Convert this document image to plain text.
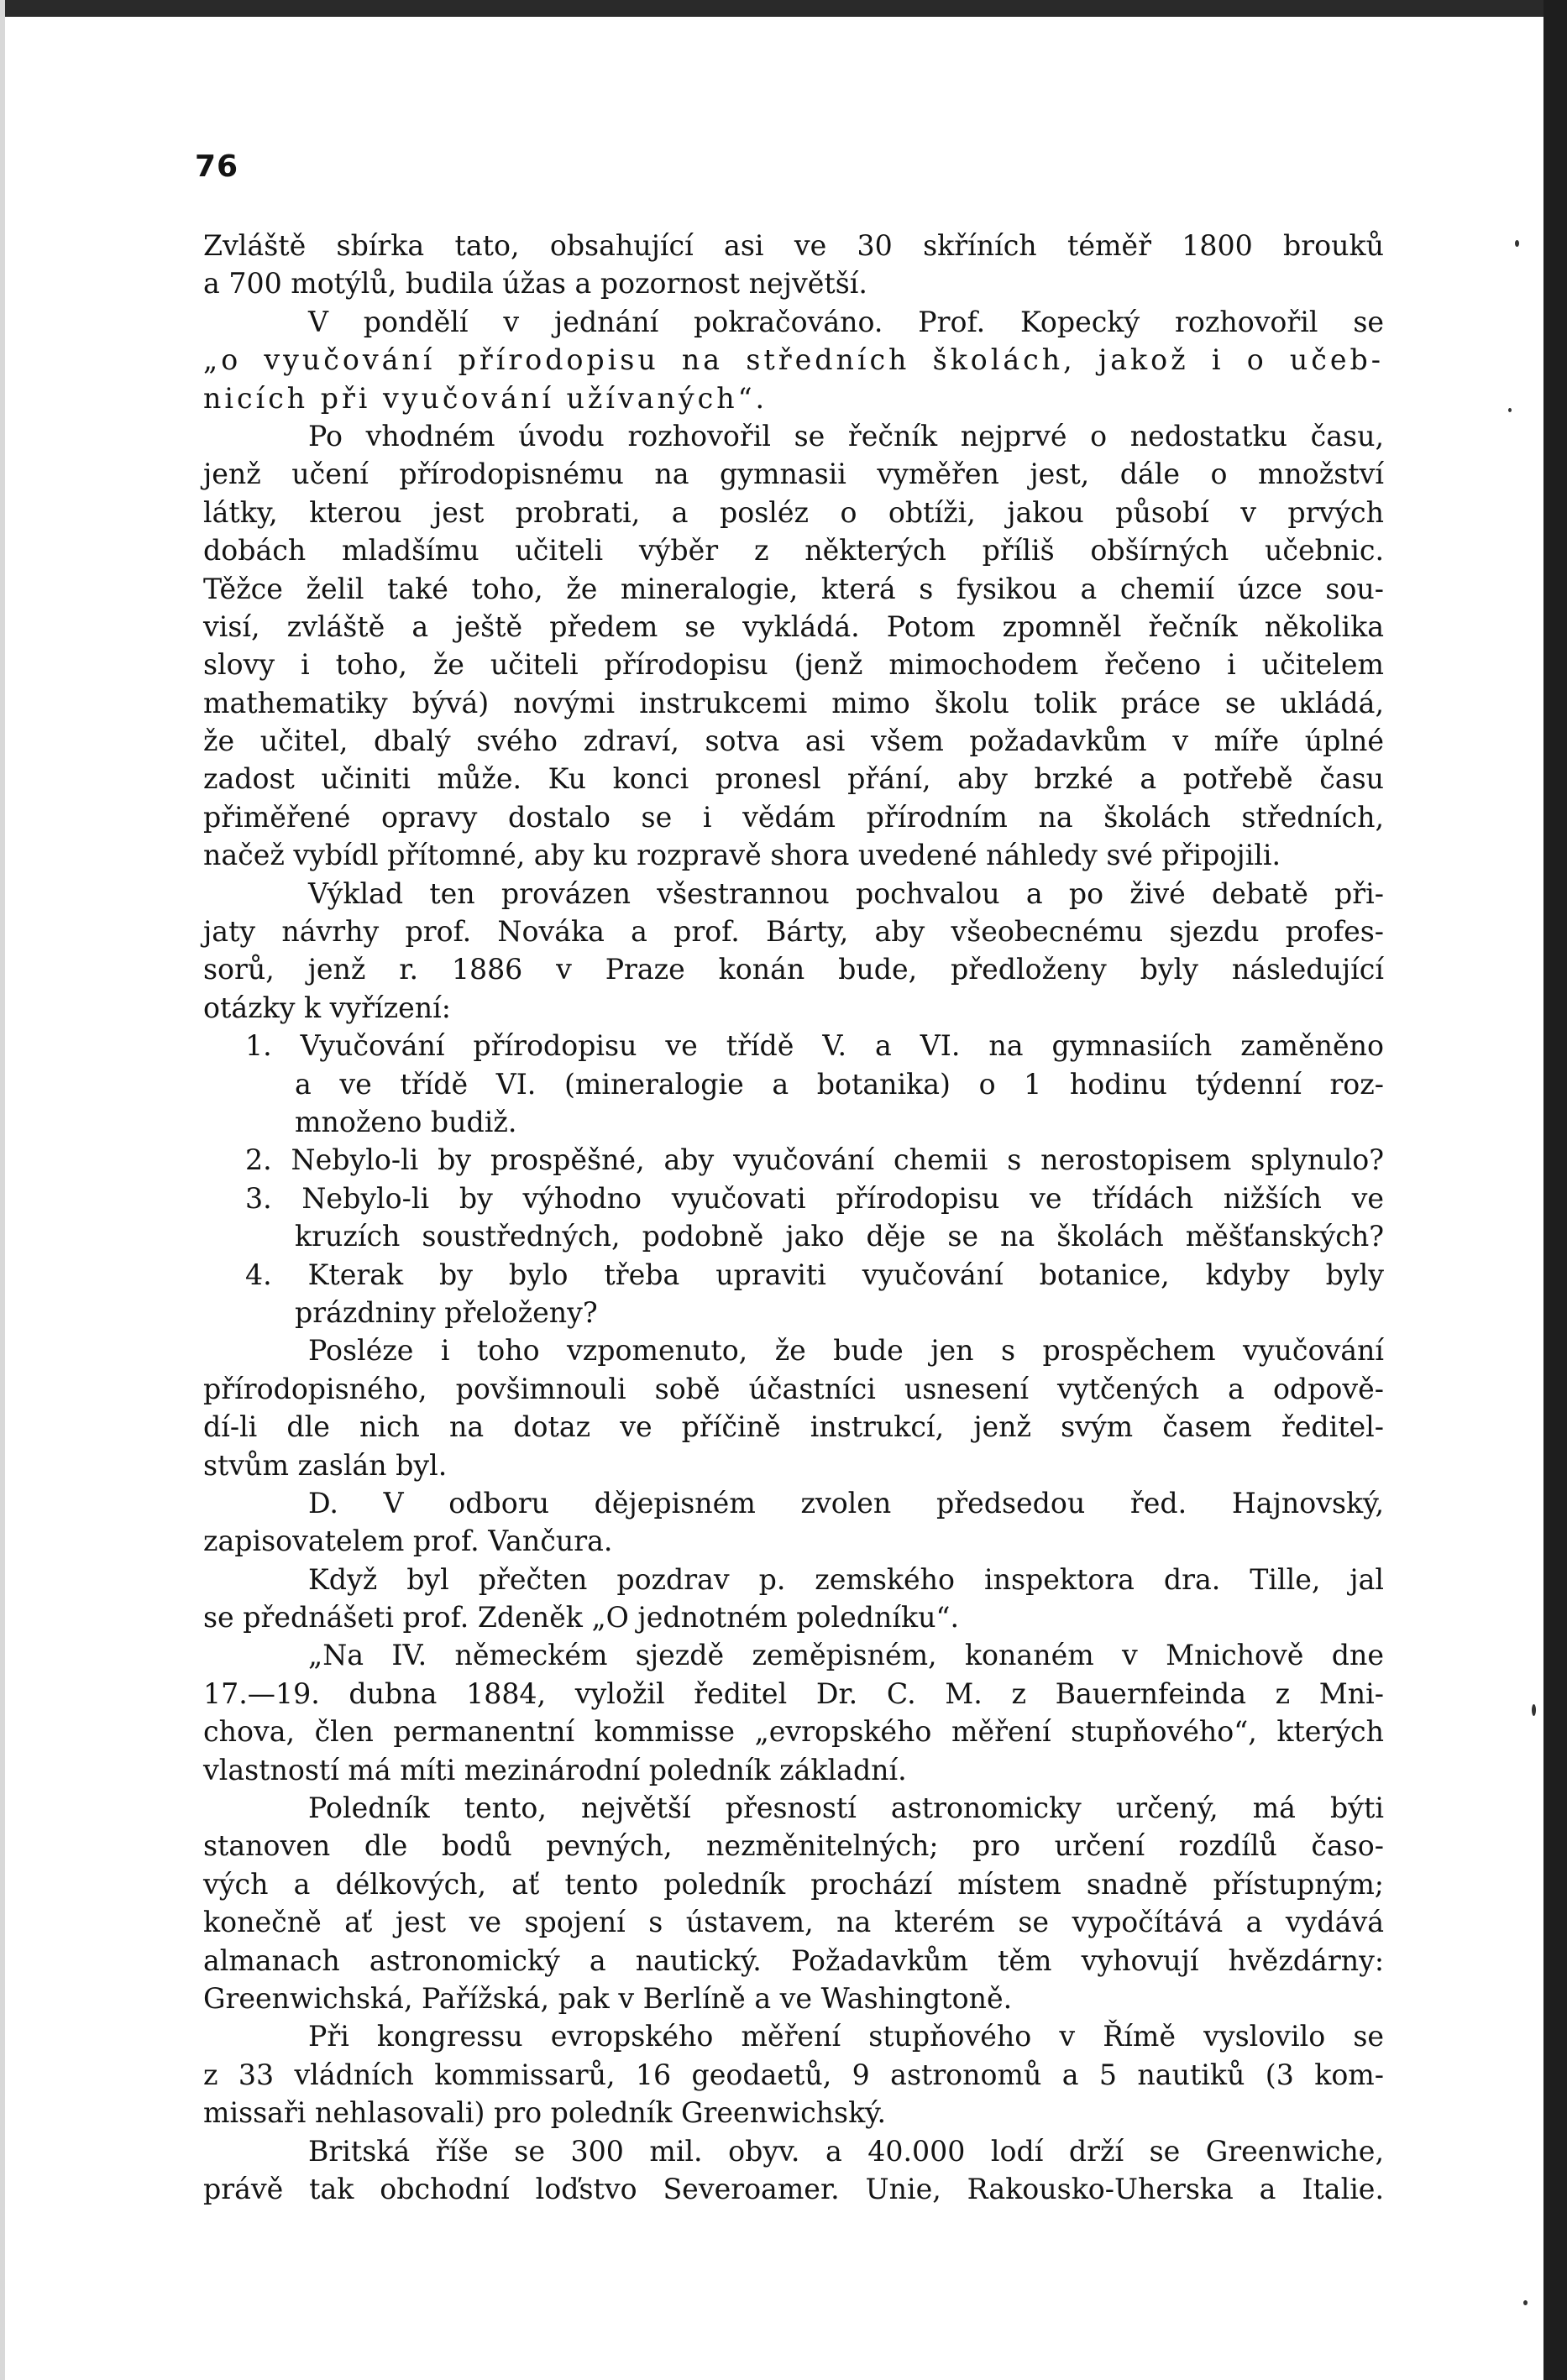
76
Zvláště sbírka tato, obsahující asi ve 30 skříních téměř 1800 brouků
a 700 motýlů, budila úžas a pozornost největší.
V pondělí v jednání pokračováno. Prof. Kopecký rozhovořil se
„o vyučování přírodopisu na středních školách, jakož i o učeb-
nicích při vyučování užívaných“.
Po vhodném úvodu rozhovořil se řečník nejprvé o nedostatku času,
jenž učení přírodopisnému na gymnasii vyměřen jest, dále o množství
látky, kterou jest probrati, a posléz o obtíži, jakou působí v prvých
dobách mladšímu učiteli výběr z některých příliš obšírných učebnic.
Těžce želil také toho, že mineralogie, která s fysikou a chemií úzce sou-
visí, zvláště a ještě předem se vykládá. Potom zpomněl řečník několika
slovy i toho, že učiteli přírodopisu (jenž mimochodem řečeno i učitelem
mathematiky bývá) novými instrukcemi mimo školu tolik práce se ukládá,
že učitel, dbalý svého zdraví, sotva asi všem požadavkům v míře úplné
zadost učiniti může. Ku konci pronesl přání, aby brzké a potřebě času
přiměřené opravy dostalo se i vědám přírodním na školách středních,
načež vybídl přítomné, aby ku rozpravě shora uvedené náhledy své připojili.
Výklad ten provázen všestrannou pochvalou a po živé debatě při-
jaty návrhy prof. Nováka a prof. Bárty, aby všeobecnému sjezdu profes-
sorů, jenž r. 1886 v Praze konán bude, předloženy byly následující
otázky k vyřízení:
1. Vyučování přírodopisu ve třídě V. a VI. na gymnasiích zaměněno
a ve třídě VI. (mineralogie a botanika) o 1 hodinu týdenní roz-
množeno budiž.
2. Nebylo-li by prospěšné, aby vyučování chemii s nerostopisem splynulo?
3. Nebylo-li by výhodno vyučovati přírodopisu ve třídách nižších ve
kruzích soustředných, podobně jako děje se na školách měšťanských?
4. Kterak by bylo třeba upraviti vyučování botanice, kdyby byly
prázdniny přeloženy?
Posléze i toho vzpomenuto, že bude jen s prospěchem vyučování
přírodopisného, povšimnouli sobě účastníci usnesení vytčených a odpově-
dí-li dle nich na dotaz ve příčině instrukcí, jenž svým časem ředitel-
stvům zaslán byl.
D. V odboru dějepisném zvolen předsedou řed. Hajnovský,
zapisovatelem prof. Vančura.
Když byl přečten pozdrav p. zemského inspektora dra. Tille, jal
se přednášeti prof. Zdeněk „O jednotném poledníku“.
„Na IV. německém sjezdě zeměpisném, konaném v Mnichově dne
17.—19. dubna 1884, vyložil ředitel Dr. C. M. z Bauernfeinda z Mni-
chova, člen permanentní kommisse „evropského měření stupňového“, kterých
vlastností má míti mezinárodní poledník základní.
Poledník tento, největší přesností astronomicky určený, má býti
stanoven dle bodů pevných, nezměnitelných; pro určení rozdílů časo-
vých a délkových, ať tento poledník prochází místem snadně přístupným;
konečně ať jest ve spojení s ústavem, na kterém se vypočítává a vydává
almanach astronomický a nautický. Požadavkům těm vyhovují hvězdárny:
Greenwichská, Pařížská, pak v Berlíně a ve Washingtoně.
Při kongressu evropského měření stupňového v Římě vyslovilo se
z 33 vládních kommissarů, 16 geodaetů, 9 astronomů a 5 nautiků (3 kom-
missaři nehlasovali) pro poledník Greenwichský.
Britská říše se 300 mil. obyv. a 40.000 lodí drží se Greenwiche,
právě tak obchodní loďstvo Severoamer. Unie, Rakousko-Uherska a Italie.
